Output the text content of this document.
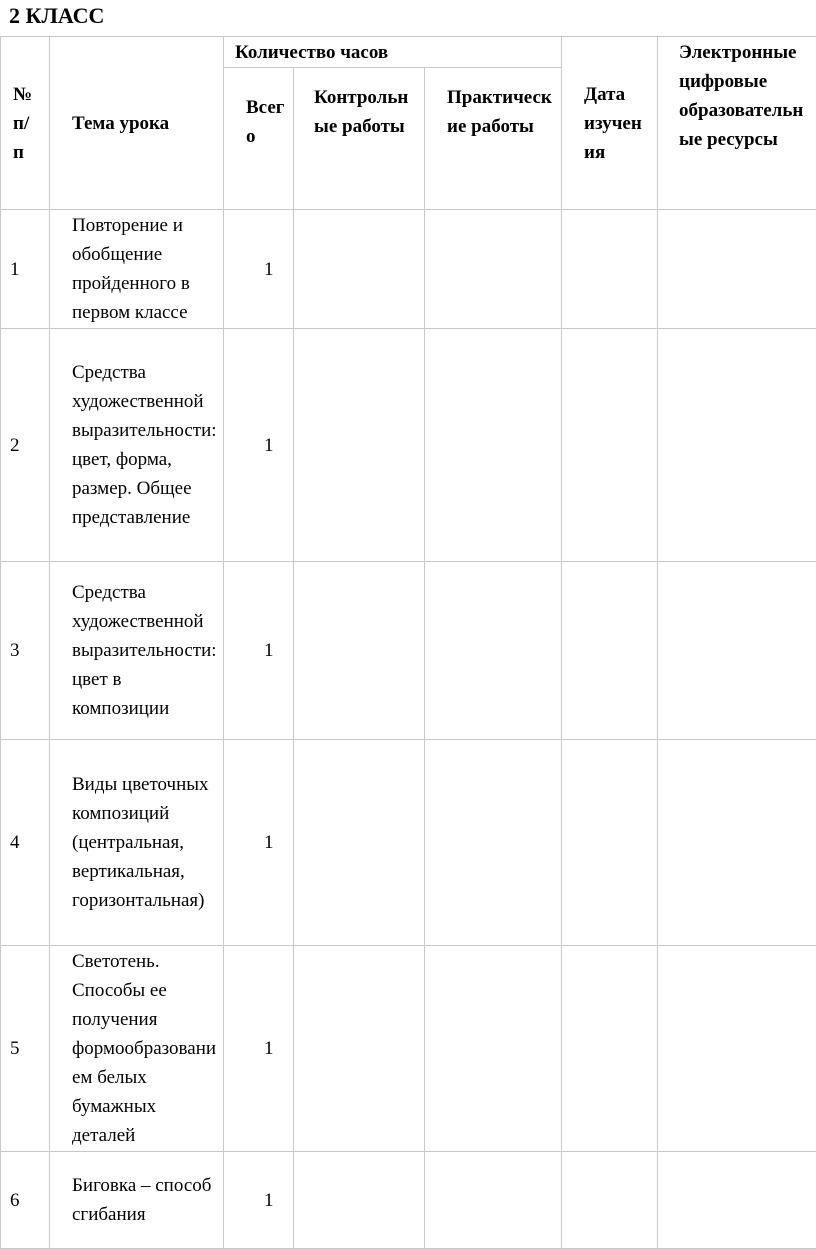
2 КЛАСС
№ п/п	Тема урока	Количество часов			Дата изучения	Электронные цифровые образовательные ресурсы
		Всего	Контрольные работы	Практические работы		
1	Повторение и обобщение пройденного в первом классе	1				
2	Средства художественной выразительности: цвет, форма, размер. Общее представление	1				
3	Средства художественной выразительности: цвет в композиции	1				
4	Виды цветочных композиций (центральная, вертикальная, горизонтальная)	1				
5	Светотень. Способы ее получения формообразованием белых бумажных деталей	1				
6	Биговка – способ сгибания	1				
